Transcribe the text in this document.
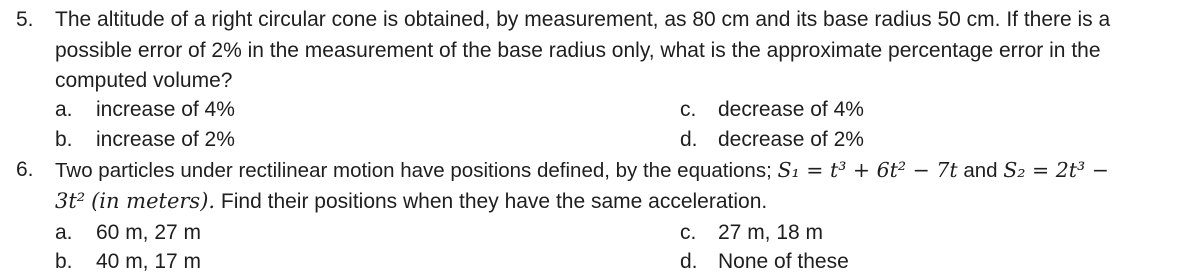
5. The altitude of a right circular cone is obtained, by measurement, as 80 cm and its base radius 50 cm. If there is a
possible error of 2% in the measurement of the base radius only, what is the approximate percentage error in the
computed volume?
a. increase of 4%	c. decrease of 4%
b. increase of 2%	d. decrease of 2%
6. Two particles under rectilinear motion have positions defined, by the equations; S₁ = t³ + 6t² − 7t and S₂ = 2t³ −
3t² (in meters). Find their positions when they have the same acceleration.
a. 60 m, 27 m	c. 27 m, 18 m
b. 40 m, 17 m	d. None of these
